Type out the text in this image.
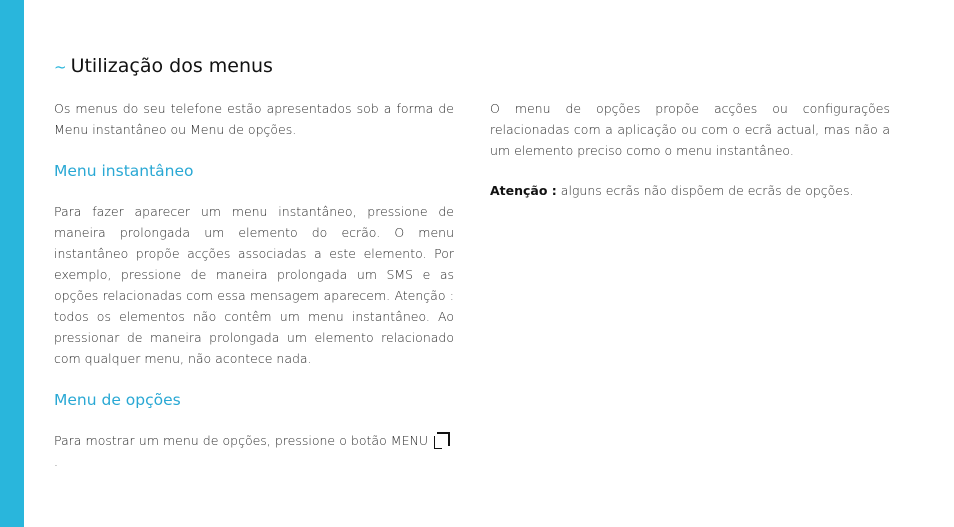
~ Utilização dos menus

Os menus do seu telefone estão apresentados sob a forma de Menu instantâneo ou Menu de opções.

Menu instantâneo

Para fazer aparecer um menu instantâneo, pressione de maneira prolongada um elemento do ecrão. O menu instantâneo propõe acções associadas a este elemento. Por exemplo, pressione de maneira prolongada um SMS e as opções relacionadas com essa mensagem aparecem. Atenção : todos os elementos não contêm um menu instantâneo. Ao pressionar de maneira prolongada um elemento relacionado com qualquer menu, não acontece nada.

Menu de opções

Para mostrar um menu de opções, pressione o botão MENU.

O menu de opções propõe acções ou configurações relacionadas com a aplicação ou com o ecrã actual, mas não a um elemento preciso como o menu instantâneo.

Atenção : alguns ecrãs não dispõem de ecrãs de opções.
